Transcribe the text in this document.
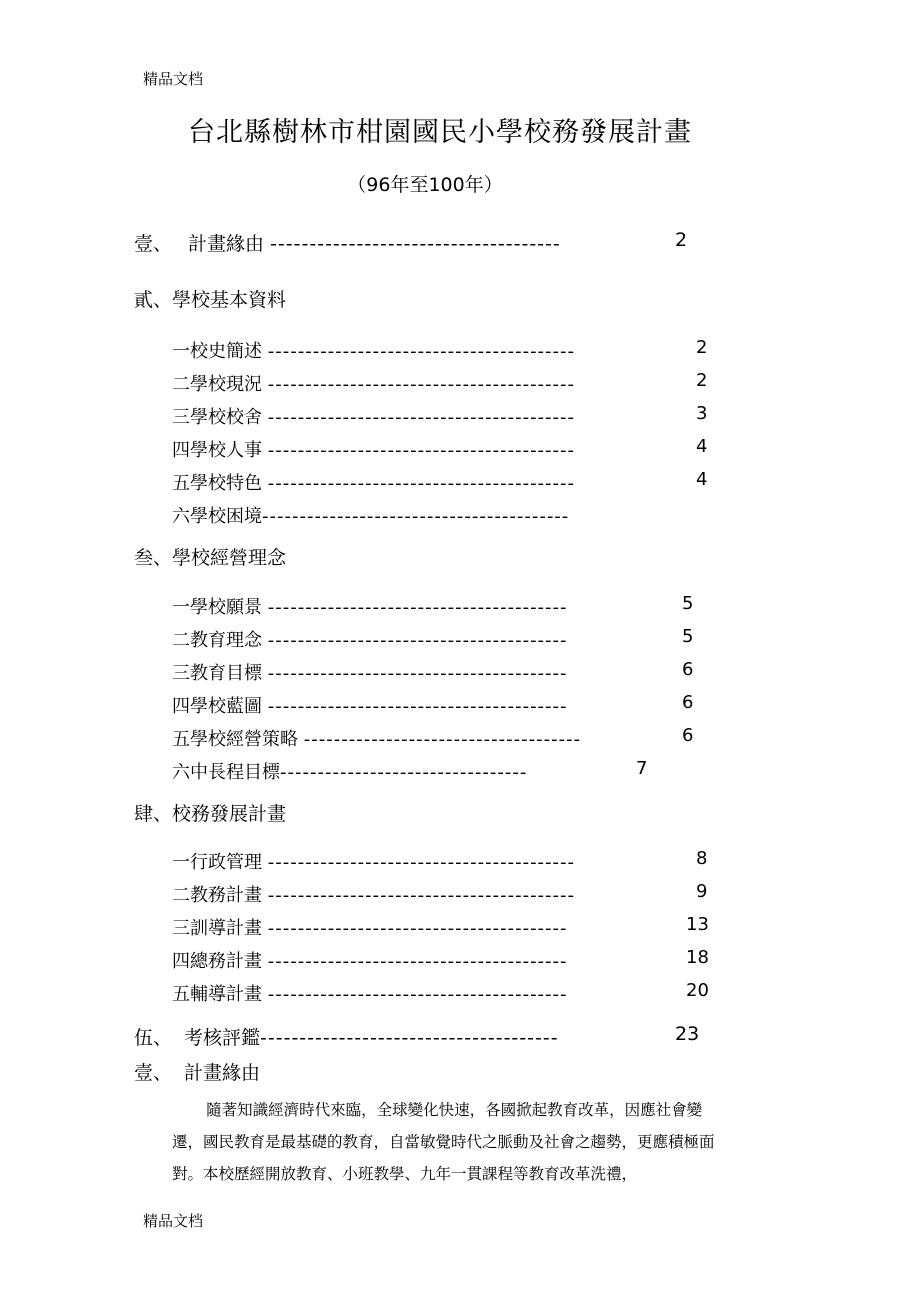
精品文档
台北縣樹林市柑園國民小學校務發展計畫
（96年至100年）
壹、 計畫緣由 -------------------------------------	2
貳、學校基本資料
一校史簡述 -----------------------------------------	2
二學校現況 -----------------------------------------	2
三學校校舍 -----------------------------------------	3
四學校人事 -----------------------------------------	4
五學校特色 -----------------------------------------	4
六學校困境-----------------------------------------
叁、學校經營理念
一學校願景 ----------------------------------------	5
二教育理念 ----------------------------------------	5
三教育目標 ----------------------------------------	6
四學校藍圖 ----------------------------------------	6
五學校經營策略 -------------------------------------	6
六中長程目標---------------------------------	7
肆、校務發展計畫
一行政管理 -----------------------------------------	8
二教務計畫 -----------------------------------------	9
三訓導計畫 ----------------------------------------	13
四總務計畫 ----------------------------------------	18
五輔導計畫 ----------------------------------------	20
伍、 考核評鑑--------------------------------------	23
壹、 計畫緣由
隨著知識經濟時代來臨，全球變化快速，各國掀起教育改革，因應社會變遷，國民教育是最基礎的教育，自當敏覺時代之脈動及社會之趨勢，更應積極面對。本校歷經開放教育、小班教學、九年一貫課程等教育改革洗禮，
精品文档
